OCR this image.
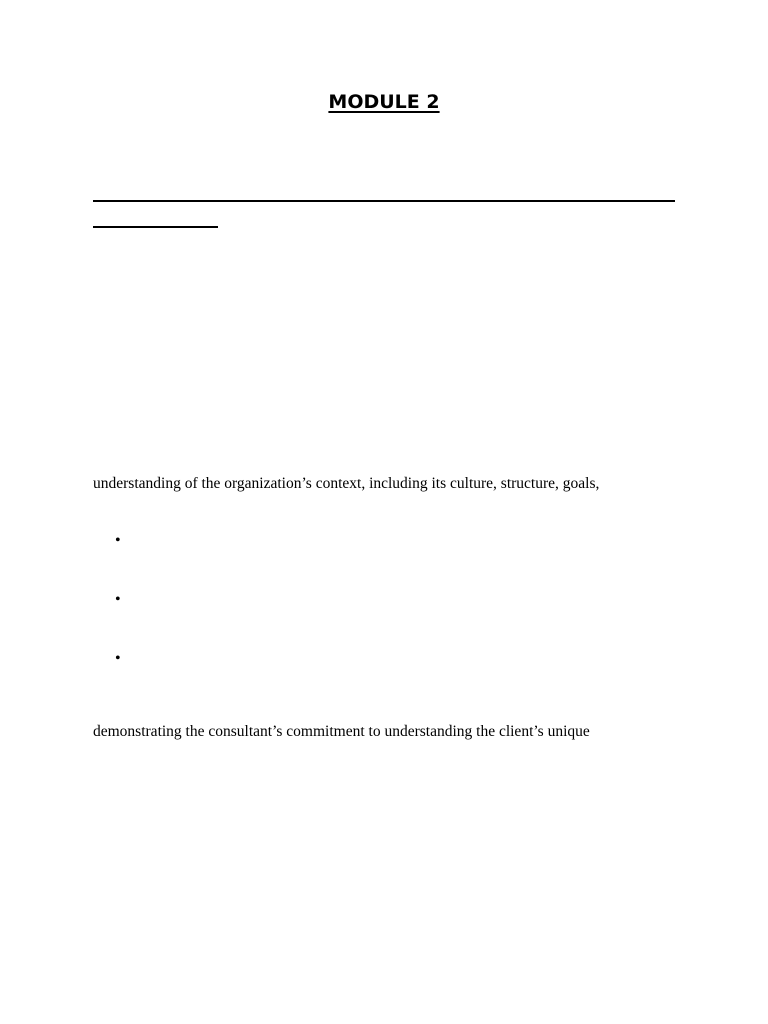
MODULE 2
understanding of the organization’s context, including its culture, structure, goals,
•
•
•
demonstrating the consultant’s commitment to understanding the client’s unique
